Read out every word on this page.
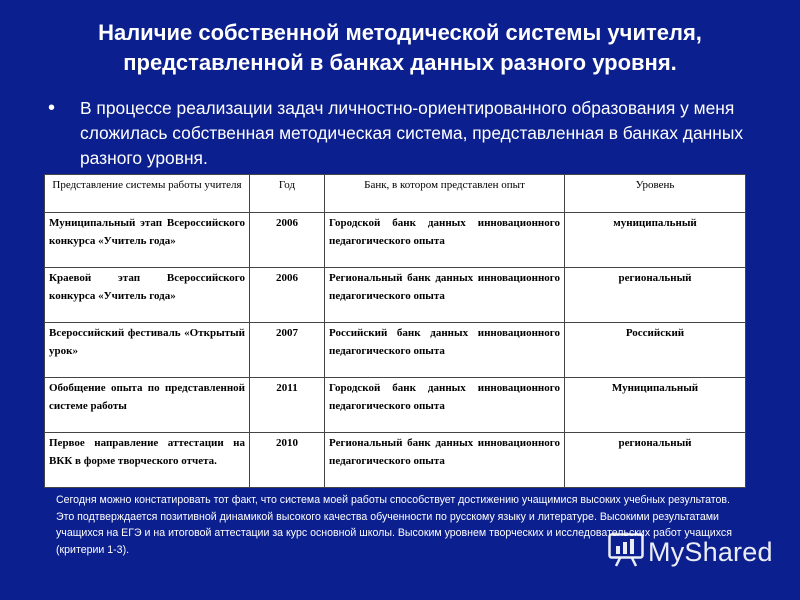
Наличие собственной методической системы учителя,
представленной в банках данных разного уровня.
• В процессе реализации задач личностно-ориентированного образования у меня сложилась собственная методическая система, представленная в банках данных разного уровня.
Представление системы работы учителя	Год	Банк, в котором представлен опыт	Уровень
Муниципальный этап Всероссийского конкурса «Учитель года»	2006	Городской банк данных инновационного педагогического опыта	муниципальный
Краевой этап Всероссийского конкурса «Учитель года»	2006	Региональный банк данных инновационного педагогического опыта	региональный
Всероссийский фестиваль «Открытый урок»	2007	Российский банк данных инновационного педагогического опыта	Российский
Обобщение опыта по представленной системе работы	2011	Городской банк данных инновационного педагогического опыта	Муниципальный
Первое направление аттестации на ВКК в форме творческого отчета.	2010	Региональный банк данных инновационного педагогического опыта	региональный
Сегодня можно констатировать тот факт, что система моей работы способствует достижению учащимися высоких учебных результатов. Это подтверждается позитивной динамикой высокого качества обученности по русскому языку и литературе. Высокими результатами учащихся на ЕГЭ и на итоговой аттестации за курс основной школы. Высоким уровнем творческих и исследовательских работ учащихся (критерии 1-3).	MyShared
